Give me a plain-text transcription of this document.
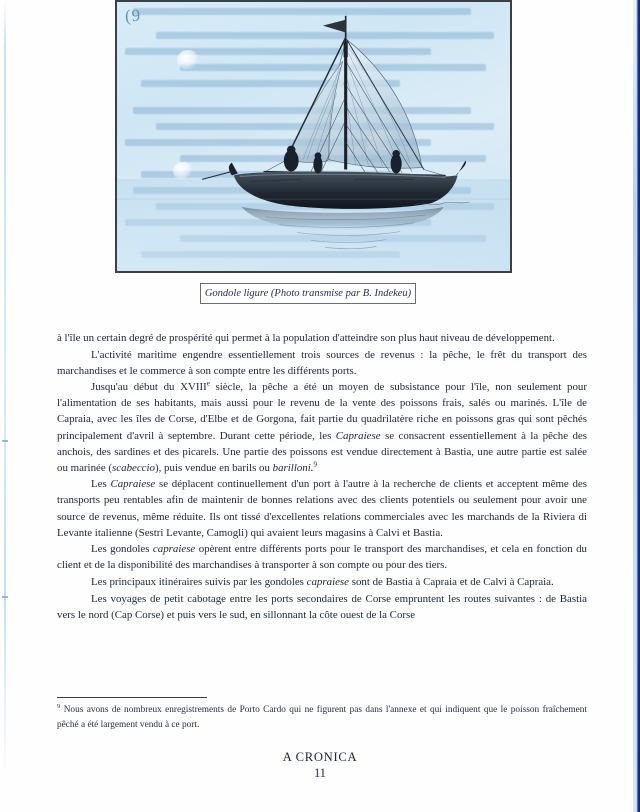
(9
Gondole ligure (Photo transmise par B. Indekeu)

à l'île un certain degré de prospérité qui permet à la population d'atteindre son plus haut niveau de développement.

L'activité maritime engendre essentiellement trois sources de revenus : la pêche, le frêt du transport des marchandises et le commerce à son compte entre les différents ports.

Jusqu'au début du XVIIIe siècle, la pêche a été un moyen de subsistance pour l'île, non seulement pour l'alimentation de ses habitants, mais aussi pour le revenu de la vente des poissons frais, salés ou marinés. L'île de Capraia, avec les îles de Corse, d'Elbe et de Gorgona, fait partie du quadrilatère riche en poissons gras qui sont pêchés principalement d'avril à septembre. Durant cette période, les Capraiese se consacrent essentiellement à la pêche des anchois, des sardines et des picarels. Une partie des poissons est vendue directement à Bastia, une autre partie est salée ou marinée (scabeccio), puis vendue en barils ou barilloni.$^9$

Les Capraiese se déplacent continuellement d'un port à l'autre à la recherche de clients et acceptent même des transports peu rentables afin de maintenir de bonnes relations avec des clients potentiels ou seulement pour avoir une source de revenus, même réduite. Ils ont tissé d'excellentes relations commerciales avec les marchands de la Riviera di Levante italienne (Sestri Levante, Camogli) qui avaient leurs magasins à Calvi et Bastia.

Les gondoles capraiese opèrent entre différents ports pour le transport des marchandises, et cela en fonction du client et de la disponibilité des marchandises à transporter à son compte ou pour des tiers.

Les principaux itinéraires suivis par les gondoles capraiese sont de Bastia à Capraia et de Calvi à Capraia.

Les voyages de petit cabotage entre les ports secondaires de Corse empruntent les routes suivantes : de Bastia vers le nord (Cap Corse) et puis vers le sud, en sillonnant la côte ouest de la Corse

$^9$ Nous avons de nombreux enregistrements de Porto Cardo qui ne figurent pas dans l'annexe et qui indiquent que le poisson fraîchement pêché a été largement vendu à ce port.
A CRONICA
11
